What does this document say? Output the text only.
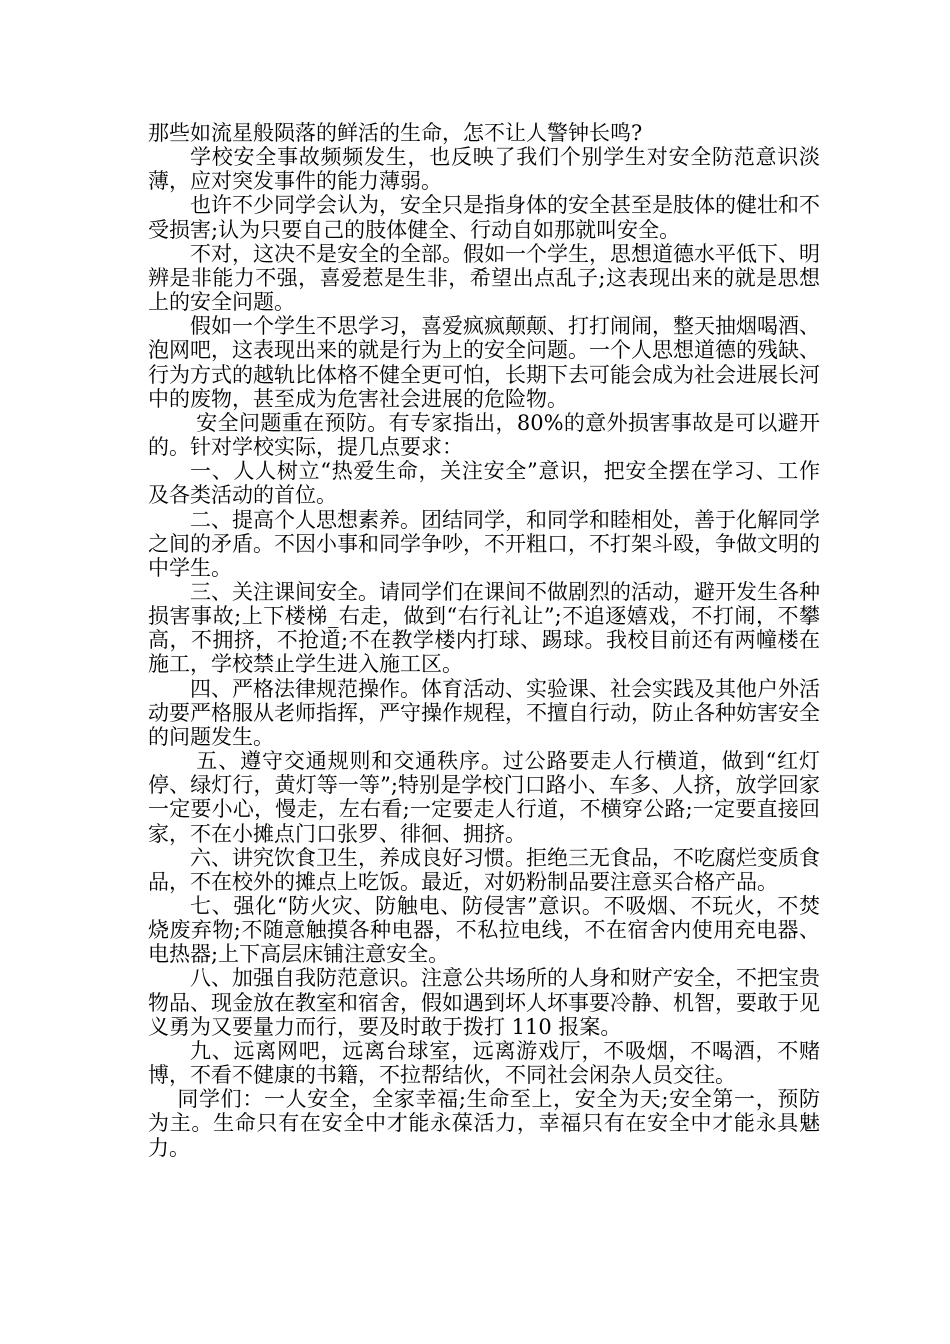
那些如流星般陨落的鲜活的生命，怎不让人警钟长鸣?

学校安全事故频频发生，也反映了我们个别学生对安全防范意识淡薄，应对突发事件的能力薄弱。

也许不少同学会认为，安全只是指身体的安全甚至是肢体的健壮和不受损害;认为只要自己的肢体健全、行动自如那就叫安全。

不对，这决不是安全的全部。假如一个学生，思想道德水平低下、明辨是非能力不强，喜爱惹是生非，希望出点乱子;这表现出来的就是思想上的安全问题。

假如一个学生不思学习，喜爱疯疯颠颠、打打闹闹，整天抽烟喝酒、泡网吧，这表现出来的就是行为上的安全问题。一个人思想道德的残缺、行为方式的越轨比体格不健全更可怕，长期下去可能会成为社会进展长河中的废物，甚至成为危害社会进展的危险物。

安全问题重在预防。有专家指出，80%的意外损害事故是可以避开的。针对学校实际，提几点要求：

一、人人树立“热爱生命，关注安全”意识，把安全摆在学习、工作及各类活动的首位。

二、提高个人思想素养。团结同学，和同学和睦相处，善于化解同学之间的矛盾。不因小事和同学争吵，不开粗口，不打架斗殴，争做文明的中学生。

三、关注课间安全。请同学们在课间不做剧烈的活动，避开发生各种损害事故;上下楼梯_右走，做到“右行礼让”;不追逐嬉戏，不打闹，不攀高，不拥挤，不抢道;不在教学楼内打球、踢球。我校目前还有两幢楼在施工，学校禁止学生进入施工区。

四、严格法律规范操作。体育活动、实验课、社会实践及其他户外活动要严格服从老师指挥，严守操作规程，不擅自行动，防止各种妨害安全的问题发生。

五、遵守交通规则和交通秩序。过公路要走人行横道，做到“红灯停、绿灯行，黄灯等一等”;特别是学校门口路小、车多、人挤，放学回家一定要小心，慢走，左右看;一定要走人行道，不横穿公路;一定要直接回家，不在小摊点门口张罗、徘徊、拥挤。

六、讲究饮食卫生，养成良好习惯。拒绝三无食品，不吃腐烂变质食品，不在校外的摊点上吃饭。最近，对奶粉制品要注意买合格产品。

七、强化“防火灾、防触电、防侵害”意识。不吸烟、不玩火，不焚烧废弃物;不随意触摸各种电器，不私拉电线，不在宿舍内使用充电器、电热器;上下高层床铺注意安全。

八、加强自我防范意识。注意公共场所的人身和财产安全，不把宝贵物品、现金放在教室和宿舍，假如遇到坏人坏事要冷静、机智，要敢于见义勇为又要量力而行，要及时敢于拨打 110 报案。

九、远离网吧，远离台球室，远离游戏厅，不吸烟，不喝酒，不赌博，不看不健康的书籍，不拉帮结伙，不同社会闲杂人员交往。

同学们：一人安全，全家幸福;生命至上，安全为天;安全第一，预防为主。生命只有在安全中才能永葆活力，幸福只有在安全中才能永具魅力。
